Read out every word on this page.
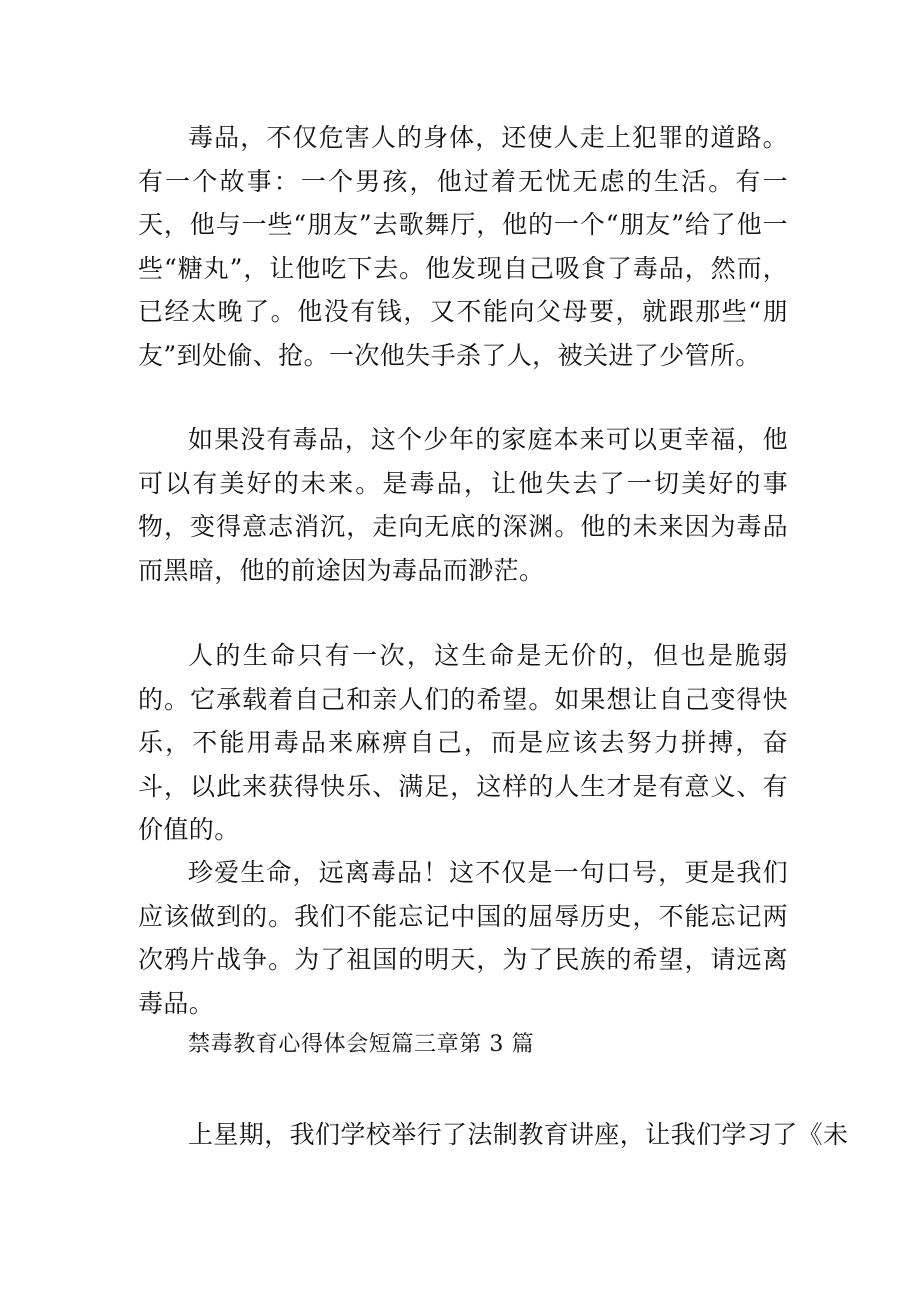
毒品，不仅危害人的身体，还使人走上犯罪的道路。有一个故事：一个男孩，他过着无忧无虑的生活。有一天，他与一些“朋友”去歌舞厅，他的一个“朋友”给了他一些“糖丸”，让他吃下去。他发现自己吸食了毒品，然而，已经太晚了。他没有钱，又不能向父母要，就跟那些“朋友”到处偷、抢。一次他失手杀了人，被关进了少管所。

如果没有毒品，这个少年的家庭本来可以更幸福，他可以有美好的未来。是毒品，让他失去了一切美好的事物，变得意志消沉，走向无底的深渊。他的未来因为毒品而黑暗，他的前途因为毒品而渺茫。

人的生命只有一次，这生命是无价的，但也是脆弱的。它承载着自己和亲人们的希望。如果想让自己变得快乐，不能用毒品来麻痹自己，而是应该去努力拼搏，奋斗，以此来获得快乐、满足，这样的人生才是有意义、有价值的。

珍爱生命，远离毒品！这不仅是一句口号，更是我们应该做到的。我们不能忘记中国的屈辱历史，不能忘记两次鸦片战争。为了祖国的明天，为了民族的希望，请远离毒品。

禁毒教育心得体会短篇三章第 3 篇

上星期，我们学校举行了法制教育讲座，让我们学习了《未
